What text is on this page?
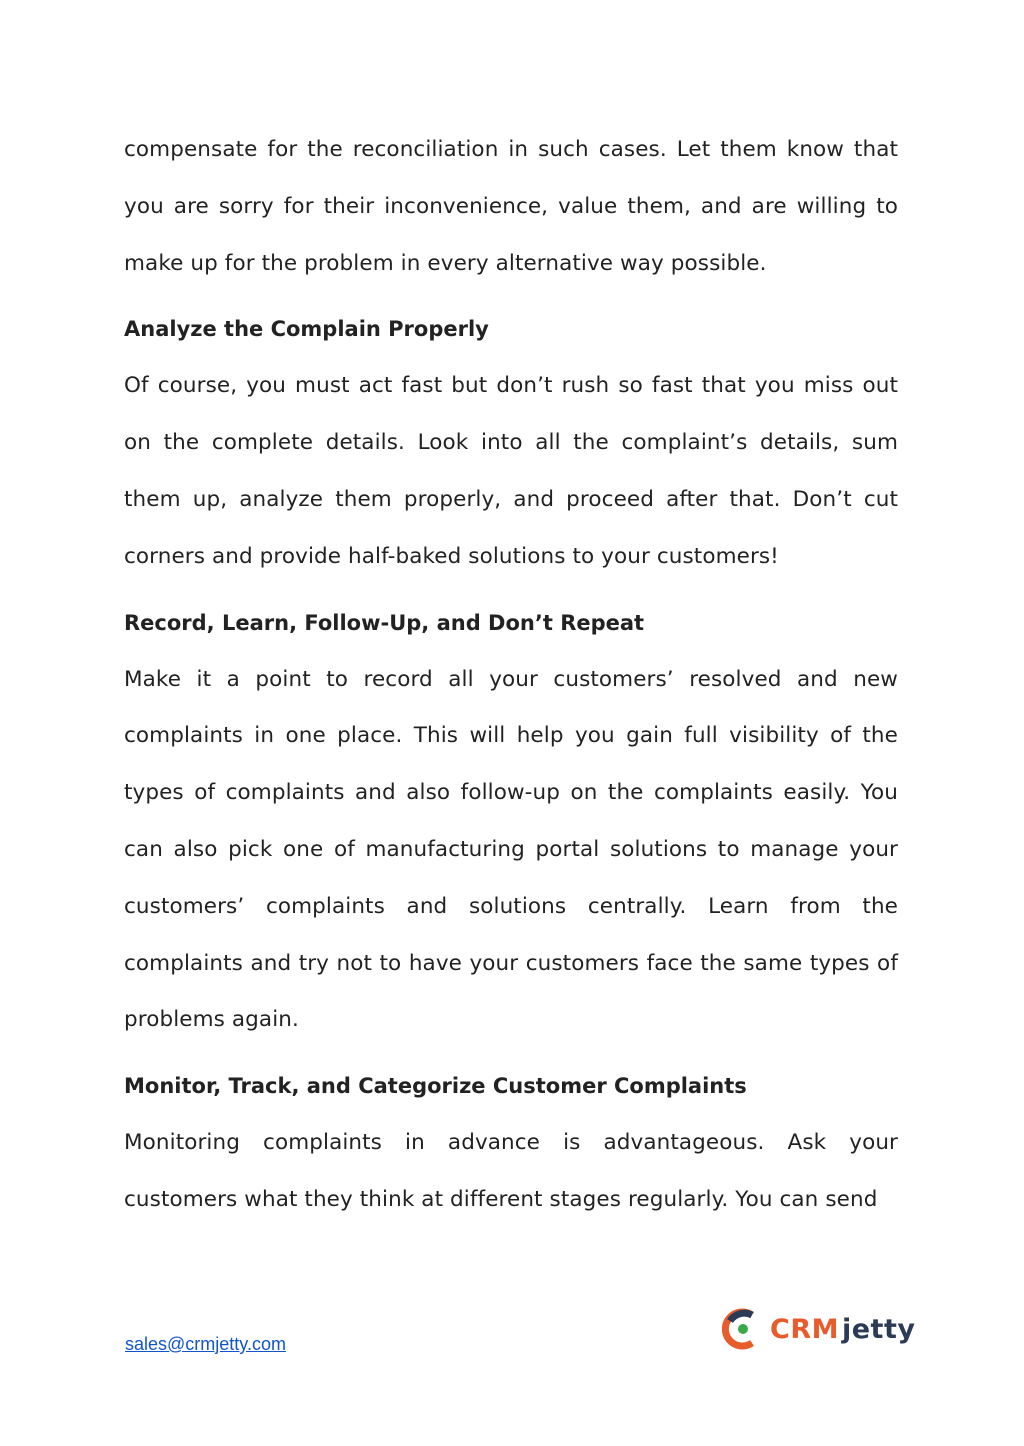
compensate for the reconciliation in such cases. Let them know that you are sorry for their inconvenience, value them, and are willing to make up for the problem in every alternative way possible.

Analyze the Complain Properly

Of course, you must act fast but don’t rush so fast that you miss out on the complete details. Look into all the complaint’s details, sum them up, analyze them properly, and proceed after that. Don’t cut corners and provide half-baked solutions to your customers!

Record, Learn, Follow-Up, and Don’t Repeat

Make it a point to record all your customers’ resolved and new complaints in one place. This will help you gain full visibility of the types of complaints and also follow-up on the complaints easily. You can also pick one of manufacturing portal solutions to manage your customers’ complaints and solutions centrally. Learn from the complaints and try not to have your customers face the same types of problems again.

Monitor, Track, and Categorize Customer Complaints

Monitoring complaints in advance is advantageous. Ask your customers what they think at different stages regularly. You can send

sales@crmjetty.com	CRM jetty
